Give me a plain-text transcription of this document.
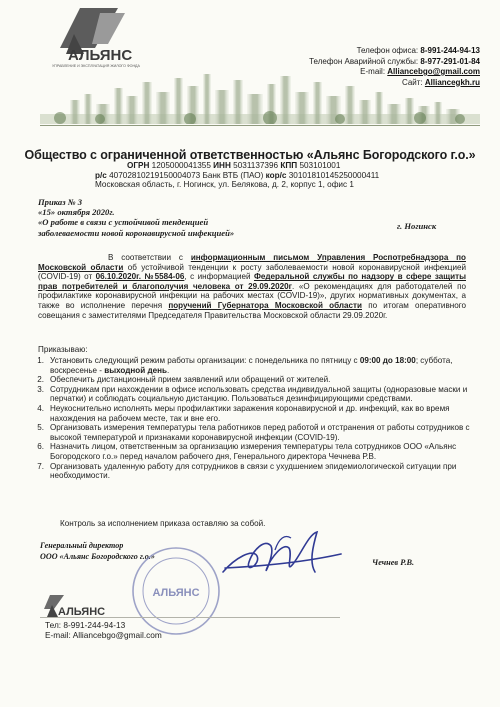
АЛЬЯНС
УПРАВЛЕНИЕ И ЭКСПЛУАТАЦИЯ ЖИЛОГО ФОНДА
Телефон офиса: 8-991-244-94-13
Телефон Аварийной службы: 8-977-291-01-84
E-mail: Alliancebgo@gmail.com
Сайт: Alliancegkh.ru
Общество с ограниченной ответственностью «Альянс Богородского г.о.»
ОГРН 1205000041355 ИНН 5031137396 КПП 503101001
р/с 40702810219150004073 Банк ВТБ (ПАО) кор/с 30101810145250000411
Московская область, г. Ногинск, ул. Белякова, д. 2, корпус 1, офис 1
Приказ № 3
«15» октября 2020г.
«О работе в связи с устойчивой тенденцией
заболеваемости новой коронавирусной инфекцией»
г. Ногинск

В соответствии с информационным письмом Управления Роспотребнадзора по Московской области об устойчивой тенденции к росту заболеваемости новой коронавирусной инфекцией (COVID-19) от 06.10.2020г. №5584-06, с информацией Федеральной службы по надзору в сфере защиты прав потребителей и благополучия человека от 29.09.2020г. «О рекомендациях для работодателей по профилактике коронавирусной инфекции на рабочих местах (COVID-19)», других нормативных документах, а также во исполнение перечня поручений Губернатора Московской области по итогам оперативного совещания с заместителями Председателя Правительства Московской области 29.09.2020г.

Приказываю:
1. Установить следующий режим работы организации: с понедельника по пятницу с 09:00 до 18:00; суббота, воскресенье - выходной день.
2. Обеспечить дистанционный прием заявлений или обращений от жителей.
3. Сотрудникам при нахождении в офисе использовать средства индивидуальной защиты (одноразовые маски и перчатки) и соблюдать социальную дистанцию. Пользоваться дезинфицирующими средствами.
4. Неукоснительно исполнять меры профилактики заражения коронавирусной и др. инфекций, как во время нахождения на рабочем месте, так и вне его.
5. Организовать измерения температуры тела работников перед работой и отстранения от работы сотрудников с высокой температурой и признаками коронавирусной инфекции (COVID-19).
6. Назначить лицом, ответственным за организацию измерения температуры тела сотрудников ООО «Альянс Богородского г.о.» перед началом рабочего дня, Генерального директора Чечнева Р.В.
7. Организовать удаленную работу для сотрудников в связи с ухудшением эпидемиологической ситуации при необходимости.
Контроль за исполнением приказа оставляю за собой.
Генеральный директор
ООО «Альянс Богородского г.о.»
АЛЬЯНС
Чечнев Р.В.
АЛЬЯНС
Тел: 8-991-244-94-13
E-mail: Alliancebgo@gmail.com
